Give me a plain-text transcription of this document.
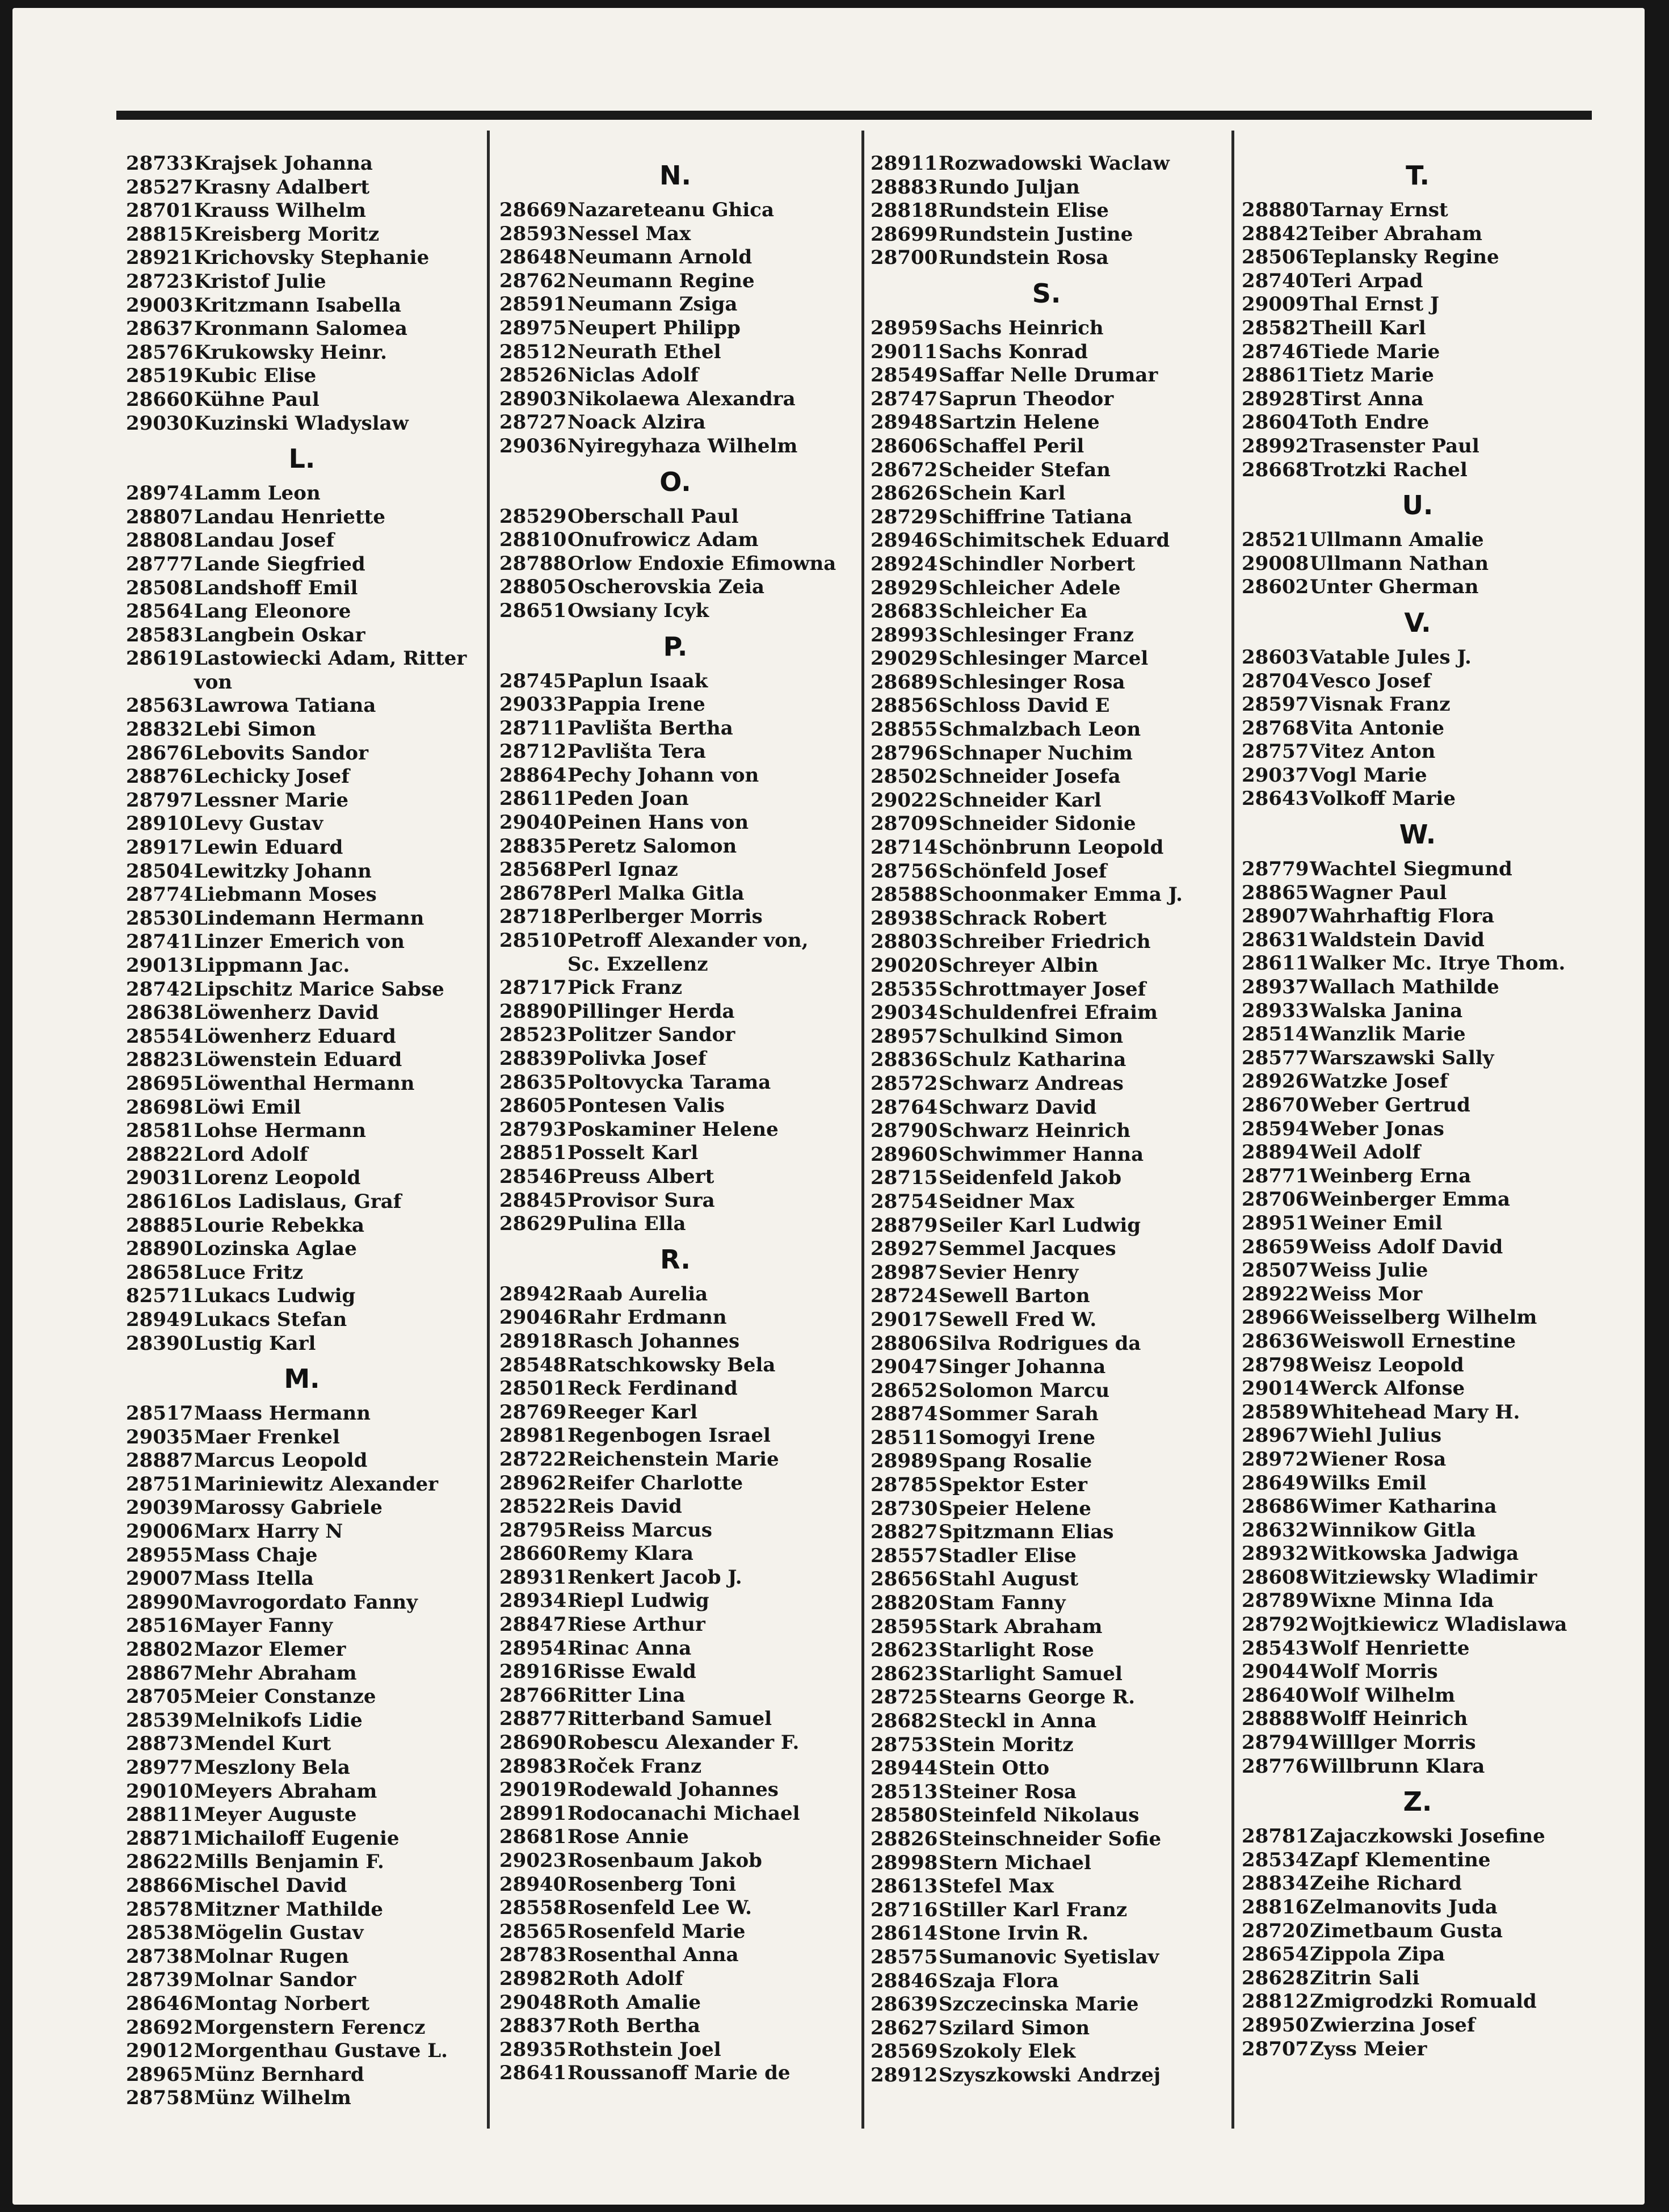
28733Krajsek Johanna
28527Krasny Adalbert
28701Krauss Wilhelm
28815Kreisberg Moritz
28921Krichovsky Stephanie
28723Kristof Julie
29003Kritzmann Isabella
28637Kronmann Salomea
28576Krukowsky Heinr.
28519Kubic Elise
28660Kühne Paul
29030Kuzinski Wladyslaw
L.
28974Lamm Leon
28807Landau Henriette
28808Landau Josef
28777Lande Siegfried
28508Landshoff Emil
28564Lang Eleonore
28583Langbein Oskar
28619Lastowiecki Adam, Ritter
von
28563Lawrowa Tatiana
28832Lebi Simon
28676Lebovits Sandor
28876Lechicky Josef
28797Lessner Marie
28910Levy Gustav
28917Lewin Eduard
28504Lewitzky Johann
28774Liebmann Moses
28530Lindemann Hermann
28741Linzer Emerich von
29013Lippmann Jac.
28742Lipschitz Marice Sabse
28638Löwenherz David
28554Löwenherz Eduard
28823Löwenstein Eduard
28695Löwenthal Hermann
28698Löwi Emil
28581Lohse Hermann
28822Lord Adolf
29031Lorenz Leopold
28616Los Ladislaus, Graf
28885Lourie Rebekka
28890Lozinska Aglae
28658Luce Fritz
82571Lukacs Ludwig
28949Lukacs Stefan
28390Lustig Karl
M.
28517Maass Hermann
29035Maer Frenkel
28887Marcus Leopold
28751Mariniewitz Alexander
29039Marossy Gabriele
29006Marx Harry N
28955Mass Chaje
29007Mass Itella
28990Mavrogordato Fanny
28516Mayer Fanny
28802Mazor Elemer
28867Mehr Abraham
28705Meier Constanze
28539Melnikofs Lidie
28873Mendel Kurt
28977Meszlony Bela
29010Meyers Abraham
28811Meyer Auguste
28871Michailoff Eugenie
28622Mills Benjamin F.
28866Mischel David
28578Mitzner Mathilde
28538Mögelin Gustav
28738Molnar Rugen
28739Molnar Sandor
28646Montag Norbert
28692Morgenstern Ferencz
29012Morgenthau Gustave L.
28965Münz Bernhard
28758Münz Wilhelm
N.
28669Nazareteanu Ghica
28593Nessel Max
28648Neumann Arnold
28762Neumann Regine
28591Neumann Zsiga
28975Neupert Philipp
28512Neurath Ethel
28526Niclas Adolf
28903Nikolaewa Alexandra
28727Noack Alzira
29036Nyiregyhaza Wilhelm
O.
28529Oberschall Paul
28810Onufrowicz Adam
28788Orlow Endoxie Efimowna
28805Oscherovskia Zeia
28651Owsiany Icyk
P.
28745Paplun Isaak
29033Pappia Irene
28711Pavlišta Bertha
28712Pavlišta Tera
28864Pechy Johann von
28611Peden Joan
29040Peinen Hans von
28835Peretz Salomon
28568Perl Ignaz
28678Perl Malka Gitla
28718Perlberger Morris
28510Petroff Alexander von,
Sc. Exzellenz
28717Pick Franz
28890Pillinger Herda
28523Politzer Sandor
28839Polivka Josef
28635Poltovycka Tarama
28605Pontesen Valis
28793Poskaminer Helene
28851Posselt Karl
28546Preuss Albert
28845Provisor Sura
28629Pulina Ella
R.
28942Raab Aurelia
29046Rahr Erdmann
28918Rasch Johannes
28548Ratschkowsky Bela
28501Reck Ferdinand
28769Reeger Karl
28981Regenbogen Israel
28722Reichenstein Marie
28962Reifer Charlotte
28522Reis David
28795Reiss Marcus
28660Remy Klara
28931Renkert Jacob J.
28934Riepl Ludwig
28847Riese Arthur
28954Rinac Anna
28916Risse Ewald
28766Ritter Lina
28877Ritterband Samuel
28690Robescu Alexander F.
28983Roček Franz
29019Rodewald Johannes
28991Rodocanachi Michael
28681Rose Annie
29023Rosenbaum Jakob
28940Rosenberg Toni
28558Rosenfeld Lee W.
28565Rosenfeld Marie
28783Rosenthal Anna
28982Roth Adolf
29048Roth Amalie
28837Roth Bertha
28935Rothstein Joel
28641Roussanoff Marie de
28911Rozwadowski Waclaw
28883Rundo Juljan
28818Rundstein Elise
28699Rundstein Justine
28700Rundstein Rosa
S.
28959Sachs Heinrich
29011Sachs Konrad
28549Saffar Nelle Drumar
28747Saprun Theodor
28948Sartzin Helene
28606Schaffel Peril
28672Scheider Stefan
28626Schein Karl
28729Schiffrine Tatiana
28946Schimitschek Eduard
28924Schindler Norbert
28929Schleicher Adele
28683Schleicher Ea
28993Schlesinger Franz
29029Schlesinger Marcel
28689Schlesinger Rosa
28856Schloss David E
28855Schmalzbach Leon
28796Schnaper Nuchim
28502Schneider Josefa
29022Schneider Karl
28709Schneider Sidonie
28714Schönbrunn Leopold
28756Schönfeld Josef
28588Schoonmaker Emma J.
28938Schrack Robert
28803Schreiber Friedrich
29020Schreyer Albin
28535Schrottmayer Josef
29034Schuldenfrei Efraim
28957Schulkind Simon
28836Schulz Katharina
28572Schwarz Andreas
28764Schwarz David
28790Schwarz Heinrich
28960Schwimmer Hanna
28715Seidenfeld Jakob
28754Seidner Max
28879Seiler Karl Ludwig
28927Semmel Jacques
28987Sevier Henry
28724Sewell Barton
29017Sewell Fred W.
28806Silva Rodrigues da
29047Singer Johanna
28652Solomon Marcu
28874Sommer Sarah
28511Somogyi Irene
28989Spang Rosalie
28785Spektor Ester
28730Speier Helene
28827Spitzmann Elias
28557Stadler Elise
28656Stahl August
28820Stam Fanny
28595Stark Abraham
28623Starlight Rose
28623Starlight Samuel
28725Stearns George R.
28682Steckl in Anna
28753Stein Moritz
28944Stein Otto
28513Steiner Rosa
28580Steinfeld Nikolaus
28826Steinschneider Sofie
28998Stern Michael
28613Stefel Max
28716Stiller Karl Franz
28614Stone Irvin R.
28575Sumanovic Syetislav
28846Szaja Flora
28639Szczecinska Marie
28627Szilard Simon
28569Szokoly Elek
28912Szyszkowski Andrzej
T.
28880Tarnay Ernst
28842Teiber Abraham
28506Teplansky Regine
28740Teri Arpad
29009Thal Ernst J
28582Theill Karl
28746Tiede Marie
28861Tietz Marie
28928Tirst Anna
28604Toth Endre
28992Trasenster Paul
28668Trotzki Rachel
U.
28521Ullmann Amalie
29008Ullmann Nathan
28602Unter Gherman
V.
28603Vatable Jules J.
28704Vesco Josef
28597Visnak Franz
28768Vita Antonie
28757Vitez Anton
29037Vogl Marie
28643Volkoff Marie
W.
28779Wachtel Siegmund
28865Wagner Paul
28907Wahrhaftig Flora
28631Waldstein David
28611Walker Mc. Itrye Thom.
28937Wallach Mathilde
28933Walska Janina
28514Wanzlik Marie
28577Warszawski Sally
28926Watzke Josef
28670Weber Gertrud
28594Weber Jonas
28894Weil Adolf
28771Weinberg Erna
28706Weinberger Emma
28951Weiner Emil
28659Weiss Adolf David
28507Weiss Julie
28922Weiss Mor
28966Weisselberg Wilhelm
28636Weiswoll Ernestine
28798Weisz Leopold
29014Werck Alfonse
28589Whitehead Mary H.
28967Wiehl Julius
28972Wiener Rosa
28649Wilks Emil
28686Wimer Katharina
28632Winnikow Gitla
28932Witkowska Jadwiga
28608Witziewsky Wladimir
28789Wixne Minna Ida
28792Wojtkiewicz Wladislawa
28543Wolf Henriette
29044Wolf Morris
28640Wolf Wilhelm
28888Wolff Heinrich
28794Willlger Morris
28776Willbrunn Klara
Z.
28781Zajaczkowski Josefine
28534Zapf Klementine
28834Zeihe Richard
28816Zelmanovits Juda
28720Zimetbaum Gusta
28654Zippola Zipa
28628Zitrin Sali
28812Zmigrodzki Romuald
28950Zwierzina Josef
28707Zyss Meier
